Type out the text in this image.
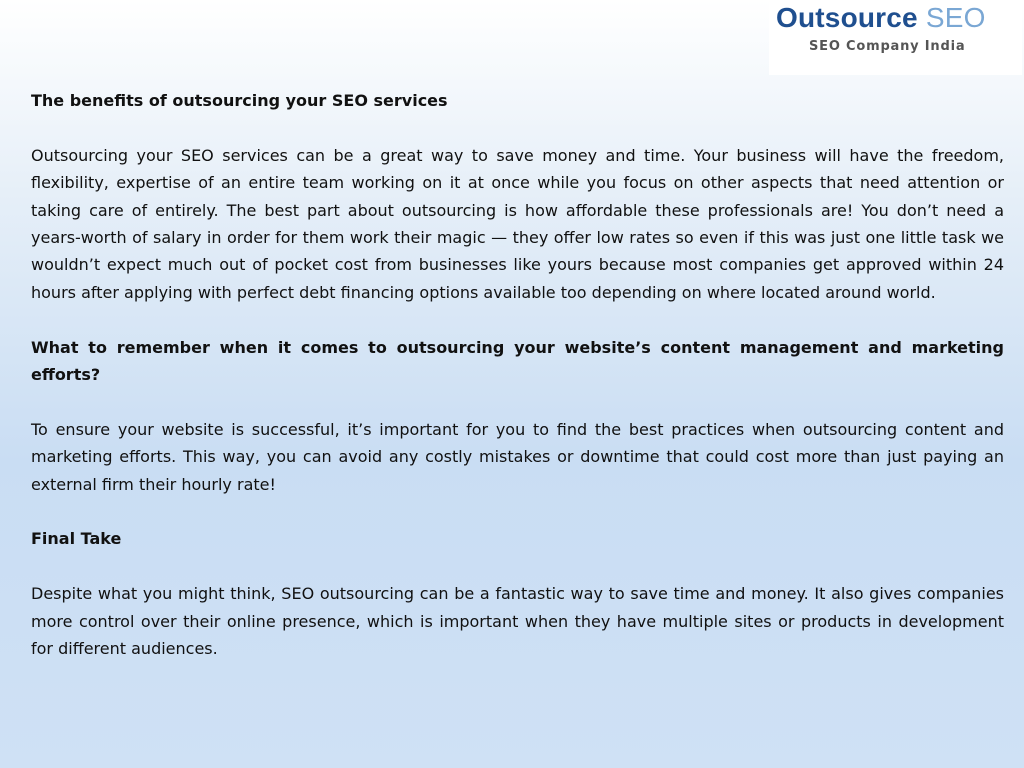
Outsource SEO
SEO Company India

The benefits of outsourcing your SEO services

Outsourcing your SEO services can be a great way to save money and time. Your business will have the freedom, flexibility, expertise of an entire team working on it at once while you focus on other aspects that need attention or taking care of entirely. The best part about outsourcing is how affordable these professionals are! You don’t need a years-worth of salary in order for them work their magic — they offer low rates so even if this was just one little task we wouldn’t expect much out of pocket cost from businesses like yours because most companies get approved within 24 hours after applying with perfect debt financing options available too depending on where located around world.

What to remember when it comes to outsourcing your website’s content management and marketing efforts?

To ensure your website is successful, it’s important for you to find the best practices when outsourcing content and marketing efforts. This way, you can avoid any costly mistakes or downtime that could cost more than just paying an external firm their hourly rate!

Final Take

Despite what you might think, SEO outsourcing can be a fantastic way to save time and money. It also gives companies more control over their online presence, which is important when they have multiple sites or products in development for different audiences.
